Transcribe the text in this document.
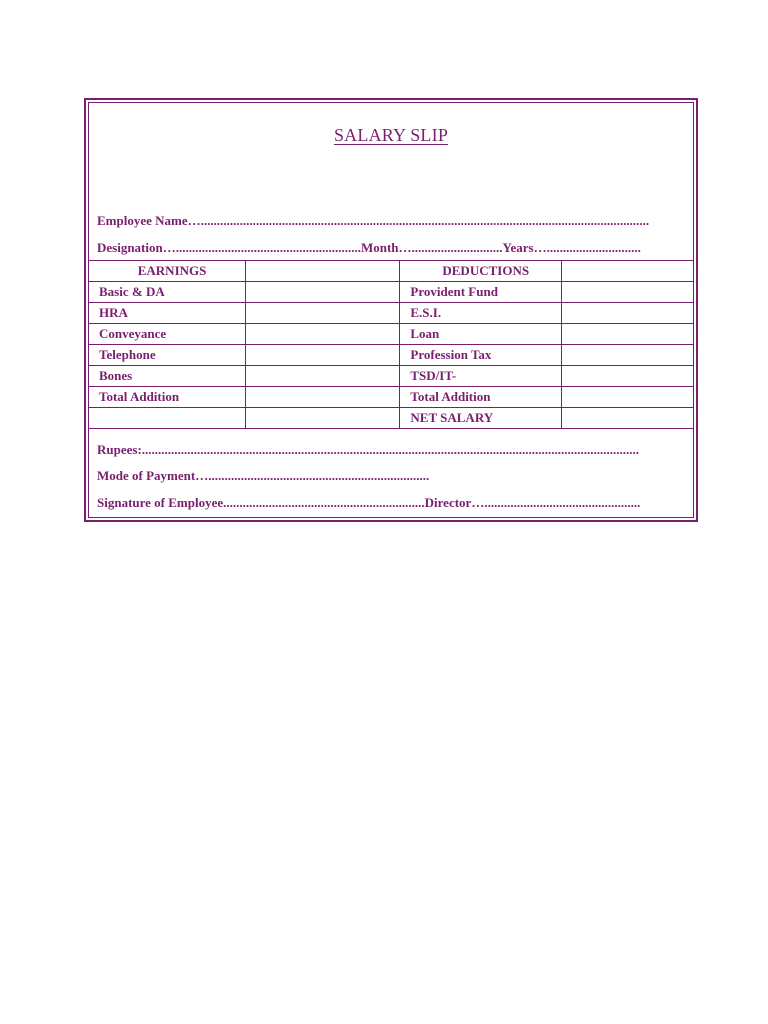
SALARY SLIP
Employee Name…..........................................................................................................................................
Designation….........................................................Month…............................Years….............................
EARNINGS		DEDUCTIONS	
Basic & DA		Provident Fund	
HRA		E.S.I.	
Conveyance		Loan	
Telephone		Profession Tax	
Bones		TSD/IT-	
Total Addition		Total Addition	
		NET SALARY	
Rupees:.........................................................................................................................................................
Mode of Payment…....................................................................
Signature of Employee..............................................................Director…................................................
